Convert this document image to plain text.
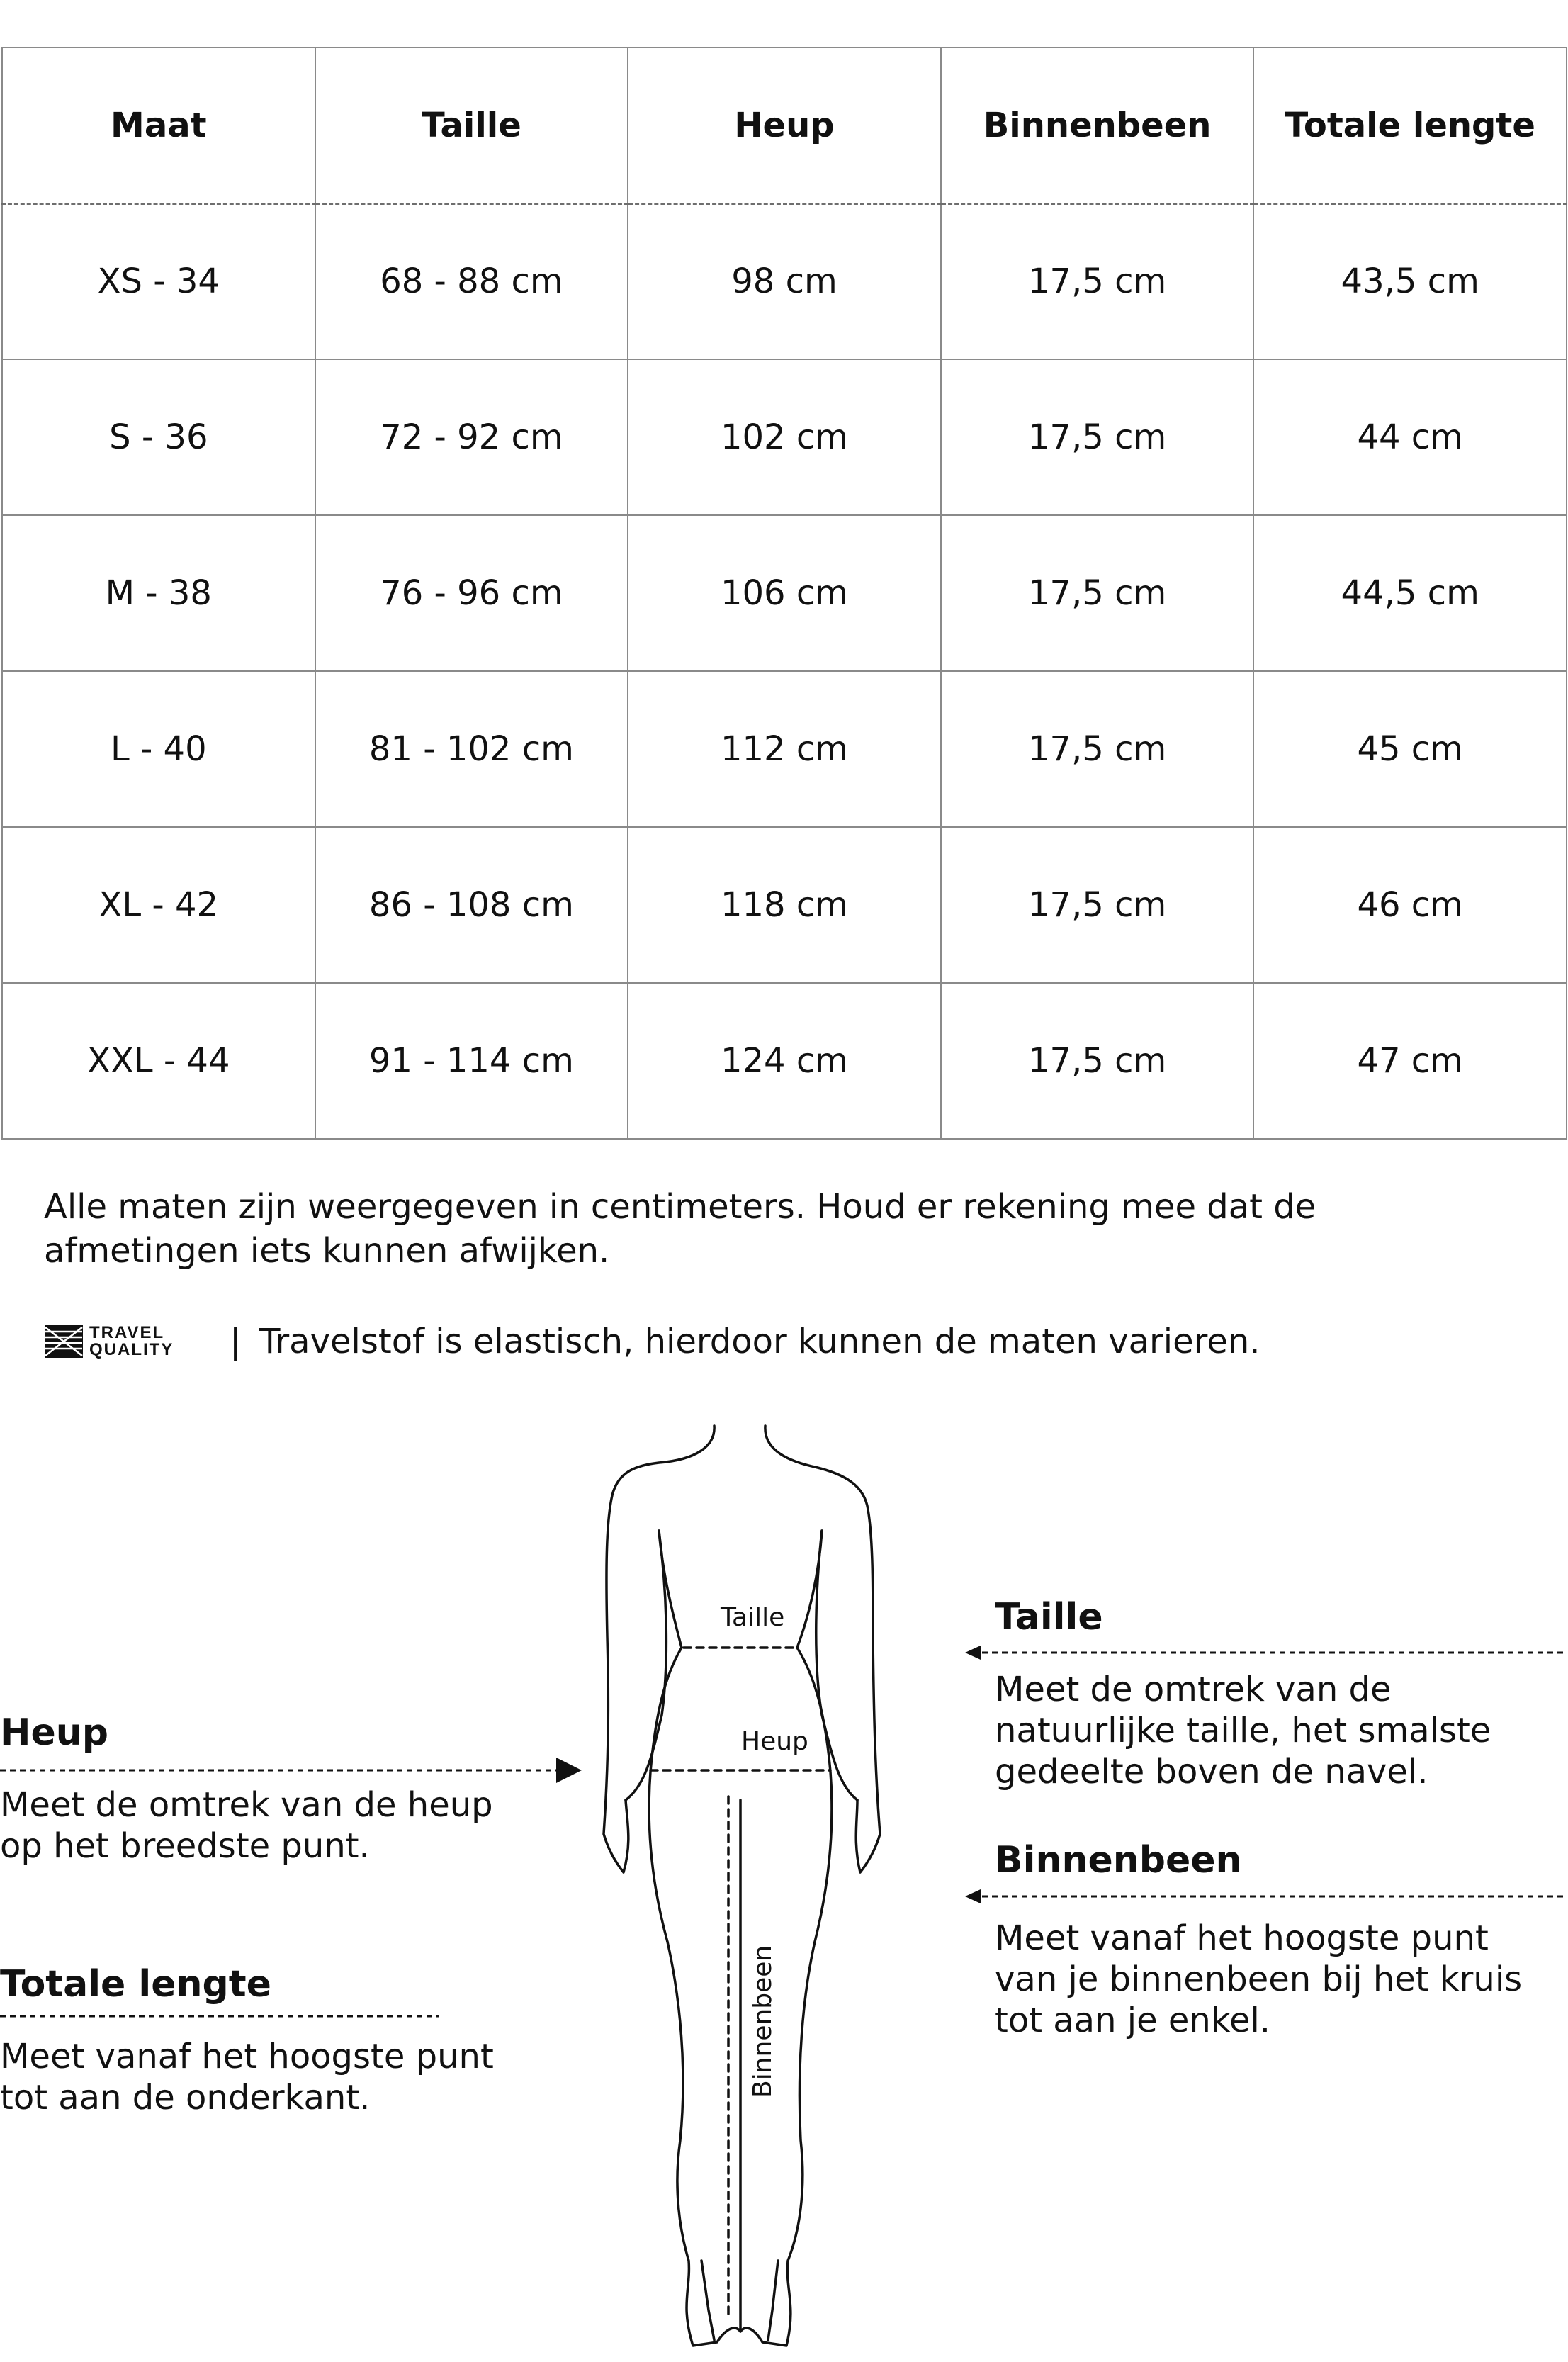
Maat	Taille	Heup	Binnenbeen	Totale lengte
XS - 34	68 - 88 cm	98 cm	17,5 cm	43,5 cm
S - 36	72 - 92 cm	102 cm	17,5 cm	44 cm
M - 38	76 - 96 cm	106 cm	17,5 cm	44,5 cm
L - 40	81 - 102 cm	112 cm	17,5 cm	45 cm
XL - 42	86 - 108 cm	118 cm	17,5 cm	46 cm
XXL - 44	91 - 114 cm	124 cm	17,5 cm	47 cm
Alle maten zijn weergegeven in centimeters. Houd er rekening mee dat de
afmetingen iets kunnen afwijken.
TRAVEL
QUALITY | Travelstof is elastisch, hierdoor kunnen de maten varieren.
Taille
Heup
Binnenbeen
Heup
Meet de omtrek van de heup
op het breedste punt.
Totale lengte
Meet vanaf het hoogste punt
tot aan de onderkant.
Taille
Meet de omtrek van de
natuurlijke taille, het smalste
gedeelte boven de navel.
Binnenbeen
Meet vanaf het hoogste punt
van je binnenbeen bij het kruis
tot aan je enkel.
